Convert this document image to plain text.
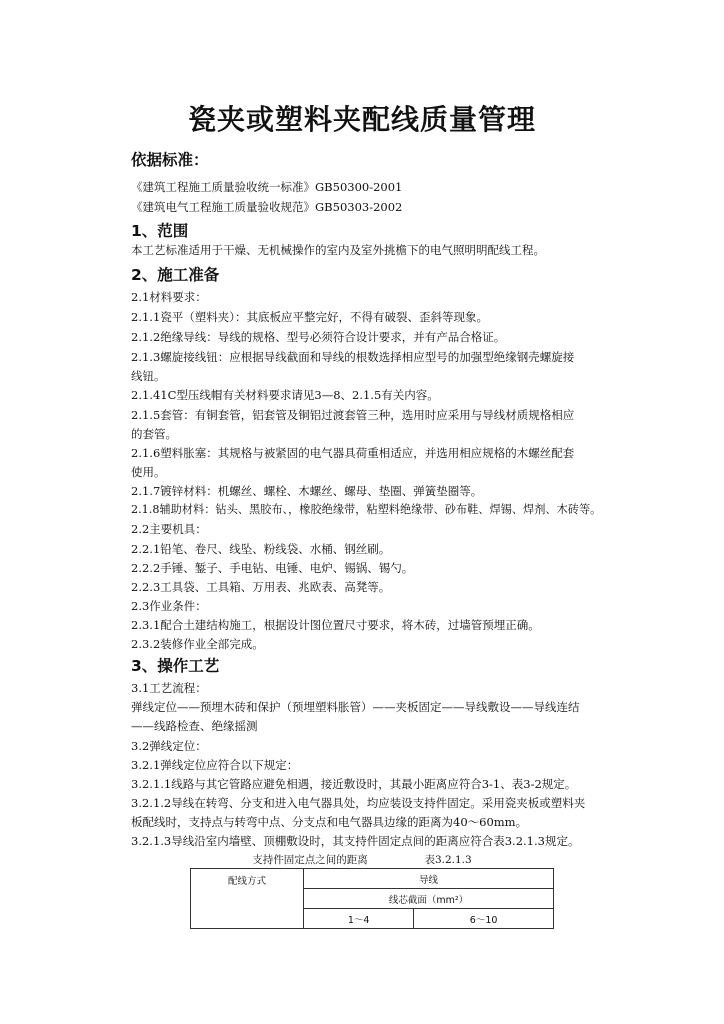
瓷夹或塑料夹配线质量管理
依据标准：
《建筑工程施工质量验收统一标准》GB50300-2001
《建筑电气工程施工质量验收规范》GB50303-2002
1、范围
本工艺标准适用于干燥、无机械操作的室内及室外挑檐下的电气照明明配线工程。
2、施工准备
2.1材料要求：
2.1.1瓷平（塑料夹）：其底板应平整完好，不得有破裂、歪斜等现象。
2.1.2绝缘导线：导线的规格、型号必须符合设计要求，并有产品合格证。
2.1.3螺旋接线钮：应根据导线截面和导线的根数选择相应型号的加强型绝缘钢壳螺旋接
线钮。
2.1.41C型压线帽有关材料要求请见3—8、2.1.5有关内容。
2.1.5套管：有铜套管，铝套管及铜铝过渡套管三种，选用时应采用与导线材质规格相应
的套管。
2.1.6塑料胀塞：其规格与被紧固的电气器具荷重相适应，并选用相应规格的木螺丝配套
使用。
2.1.7镀锌材料：机螺丝、螺栓、木螺丝、螺母、垫圈、弹簧垫圈等。
2.1.8辅助材料：钻头、黑胶布、，橡胶绝缘带，粘塑料绝缘带、砂布鞋、焊锡、焊剂、木砖等。
2.2主要机具：
2.2.1铅笔、卷尺、线坠、粉线袋、水桶、钢丝刷。
2.2.2手锤、錾子、手电钻、电锤、电炉、锡锅、锡勺。
2.2.3工具袋、工具箱、万用表、兆欧表、高凳等。
2.3作业条件：
2.3.1配合土建结构施工，根据设计图位置尺寸要求，将木砖，过墙管预埋正确。
2.3.2装修作业全部完成。
3、操作工艺
3.1工艺流程：
弹线定位——预埋木砖和保护（预埋塑料胀管）——夹板固定——导线敷设——导线连结
——线路检查、绝缘摇测
3.2弹线定位：
3.2.1弹线定位应符合以下规定：
3.2.1.1线路与其它管路应避免相遇，接近敷设时，其最小距离应符合3-1、表3-2规定。
3.2.1.2导线在转弯、分支和进入电气器具处，均应装设支持件固定。采用瓷夹板或塑料夹
板配线时，支持点与转弯中点、分支点和电气器具边缘的距离为40～60mm。
3.2.1.3导线沿室内墙壁、顶棚敷设时，其支持件固定点间的距离应符合表3.2.1.3规定。
支持件固定点之间的距离	表3.2.1.3
配线方式	导线	
	线芯截面（mm²）	
	1～4	6～10
